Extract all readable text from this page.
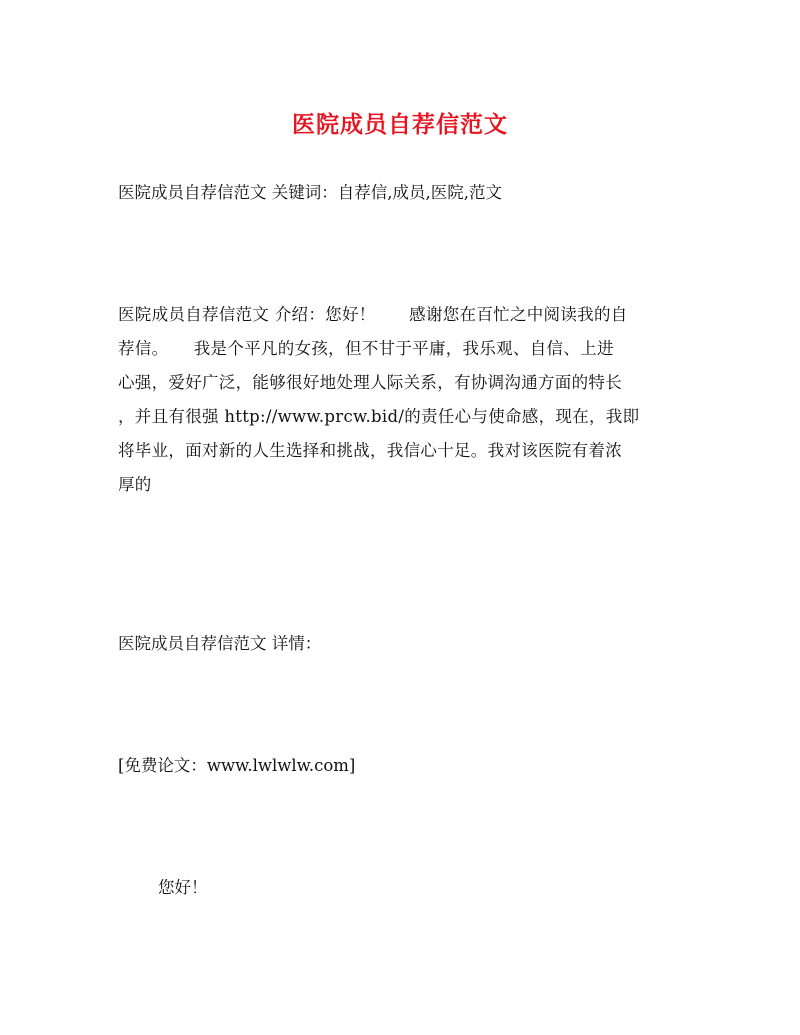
医院成员自荐信范文
医院成员自荐信范文 关键词：自荐信,成员,医院,范文
医院成员自荐信范文 介绍：您好！　　感谢您在百忙之中阅读我的自
荐信。　　我是个平凡的女孩，但不甘于平庸，我乐观、自信、上进
心强，爱好广泛，能够很好地处理人际关系，有协调沟通方面的特长
，并且有很强 http://www.prcw.bid/的责任心与使命感，现在，我即
将毕业，面对新的人生选择和挑战，我信心十足。我对该医院有着浓
厚的
医院成员自荐信范文 详情：
[免费论文：www.lwlwlw.com]
您好！
